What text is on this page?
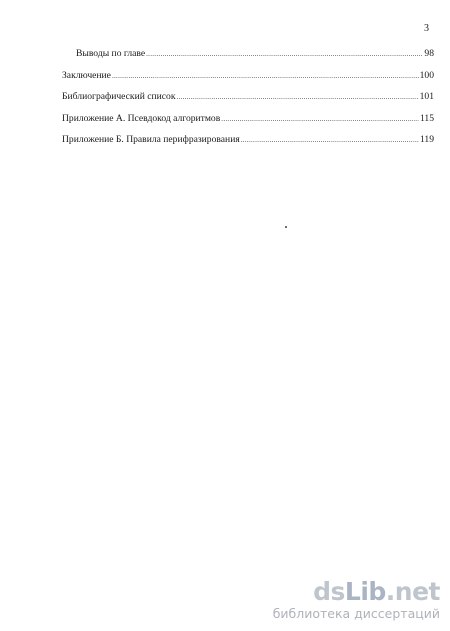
3
Выводы по главе .....	98
Заключение .....	100
Библиографический список .....	101
Приложение А. Псевдокод алгоритмов .....	115
Приложение Б. Правила перифразирования .....	119
dsLib.net
библиотека диссертаций
